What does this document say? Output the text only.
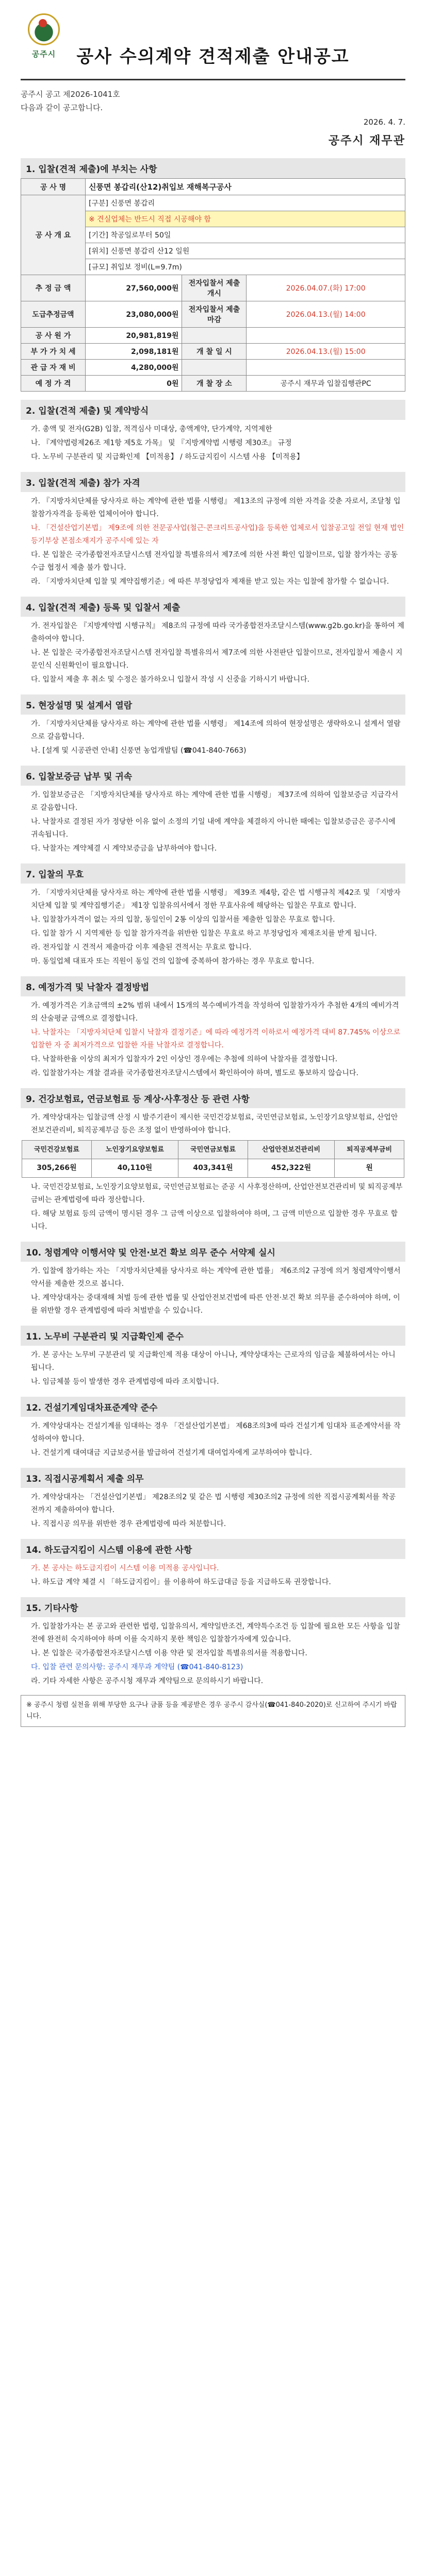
공주시	공사 수의계약 견적제출 안내공고
공주시 공고 제2026-1041호
다음과 같이 공고합니다.
2026. 4. 7.
공주시 재무관
1. 입찰(견적 제출)에 부치는 사항
공 사 명	신풍면 봉갑리(산12)취입보 재해복구공사
공 사 개 요	[구분] 신풍면 봉갑리
	※ 견실업체는 반드시 직접 시공해야 함
	[기간] 착공일로부터 50일
	[위치] 신풍면 봉갑리 산12 일원
	[규모] 취입보 정비(L=9.7m)
추 정 금 액	27,560,000원	전자입찰서 제출 개시	2026.04.07.(화) 17:00
도급추정금액	23,080,000원	전자입찰서 제출 마감	2026.04.13.(월) 14:00
공 사 원 가	20,981,819원		
부 가 가 치 세	2,098,181원	개 찰 일 시	2026.04.13.(월) 15:00
관 급 자 재 비	4,280,000원		
예 정 가 격	0원	개 찰 장 소	공주시 재무과 입찰집행관PC
2. 입찰(견적 제출) 및 계약방식

가. 총액 및 전자(G2B) 입찰, 적격심사 미대상, 총액계약, 단가계약, 지역제한

나. 『계약법령제26조 제1항 제5호 가목』 및 『지방계약법 시행령 제30조』 규정

다. 노무비 구분관리 및 지급확인제 【미적용】 / 하도급지킴이 시스템 사용 【미적용】

3. 입찰(견적 제출) 참가 자격

가. 『지방자치단체를 당사자로 하는 계약에 관한 법률 시행령』 제13조의 규정에 의한 자격을 갖춘 자로서, 조달청 입찰참가자격을 등록한 업체이어야 합니다.

나. 「건설산업기본법」 제9조에 의한 전문공사업(철근·콘크리트공사업)을 등록한 업체로서 입찰공고일 전일 현재 법인등기부상 본점소재지가 공주시에 있는 자

다. 본 입찰은 국가종합전자조달시스템 전자입찰 특별유의서 제7조에 의한 사전 확인 입찰이므로, 입찰 참가자는 공동수급 협정서 제출 불가 합니다.

라. 「지방자치단체 입찰 및 계약집행기준」에 따른 부정당업자 제재를 받고 있는 자는 입찰에 참가할 수 없습니다.

4. 입찰(견적 제출) 등록 및 입찰서 제출

가. 전자입찰은 『지방계약법 시행규칙』 제8조의 규정에 따라 국가종합전자조달시스템(www.g2b.go.kr)을 통하여 제출하여야 합니다.

나. 본 입찰은 국가종합전자조달시스템 전자입찰 특별유의서 제7조에 의한 사전판단 입찰이므로, 전자입찰서 제출시 지문인식 신원확인이 필요합니다.

다. 입찰서 제출 후 취소 및 수정은 불가하오니 입찰서 작성 시 신중을 기하시기 바랍니다.

5. 현장설명 및 설계서 열람

가. 「지방자치단체를 당사자로 하는 계약에 관한 법률 시행령」 제14조에 의하여 현장설명은 생략하오니 설계서 열람으로 갈음합니다.

나. [설계 및 시공관련 안내] 신풍면 농업개발팀 (☎041-840-7663)

6. 입찰보증금 납부 및 귀속

가. 입찰보증금은 「지방자치단체를 당사자로 하는 계약에 관한 법률 시행령」 제37조에 의하여 입찰보증금 지급각서로 갈음합니다.

나. 낙찰자로 결정된 자가 정당한 이유 없이 소정의 기일 내에 계약을 체결하지 아니한 때에는 입찰보증금은 공주시에 귀속됩니다.

다. 낙찰자는 계약체결 시 계약보증금을 납부하여야 합니다.

7. 입찰의 무효

가. 「지방자치단체를 당사자로 하는 계약에 관한 법률 시행령」 제39조 제4항, 같은 법 시행규칙 제42조 및 「지방자치단체 입찰 및 계약집행기준」 제1장 입찰유의서에서 정한 무효사유에 해당하는 입찰은 무효로 합니다.

나. 입찰참가자격이 없는 자의 입찰, 동일인이 2통 이상의 입찰서를 제출한 입찰은 무효로 합니다.

다. 입찰 참가 시 지역제한 등 입찰 참가자격을 위반한 입찰은 무효로 하고 부정당업자 제재조치를 받게 됩니다.

라. 전자입찰 시 견적서 제출마감 이후 제출된 견적서는 무효로 합니다.

마. 동일업체 대표자 또는 직원이 동일 건의 입찰에 중복하여 참가하는 경우 무효로 합니다.

8. 예정가격 및 낙찰자 결정방법

가. 예정가격은 기초금액의 ±2% 범위 내에서 15개의 복수예비가격을 작성하여 입찰참가자가 추첨한 4개의 예비가격의 산술평균 금액으로 결정합니다.

나. 낙찰자는 「지방자치단체 입찰시 낙찰자 결정기준」에 따라 예정가격 이하로서 예정가격 대비 87.745% 이상으로 입찰한 자 중 최저가격으로 입찰한 자를 낙찰자로 결정합니다.

다. 낙찰하한율 이상의 최저가 입찰자가 2인 이상인 경우에는 추첨에 의하여 낙찰자를 결정합니다.

라. 입찰참가자는 개찰 결과를 국가종합전자조달시스템에서 확인하여야 하며, 별도로 통보하지 않습니다.

9. 건강보험료, 연금보험료 등 계상·사후정산 등 관련 사항

가. 계약상대자는 입찰금액 산정 시 발주기관이 제시한 국민건강보험료, 국민연금보험료, 노인장기요양보험료, 산업안전보건관리비, 퇴직공제부금 등은 조정 없이 반영하여야 합니다.

국민건강보험료	노인장기요양보험료	국민연금보험료	산업안전보건관리비	퇴직공제부금비
305,266원	40,110원	403,341원	452,322원	원

나. 국민건강보험료, 노인장기요양보험료, 국민연금보험료는 준공 시 사후정산하며, 산업안전보건관리비 및 퇴직공제부금비는 관계법령에 따라 정산합니다.

다. 해당 보험료 등의 금액이 명시된 경우 그 금액 이상으로 입찰하여야 하며, 그 금액 미만으로 입찰한 경우 무효로 합니다.

10. 청렴계약 이행서약 및 안전·보건 확보 의무 준수 서약제 실시

가. 입찰에 참가하는 자는 「지방자치단체를 당사자로 하는 계약에 관한 법률」 제6조의2 규정에 의거 청렴계약이행서약서를 제출한 것으로 봅니다.

나. 계약상대자는 중대재해 처벌 등에 관한 법률 및 산업안전보건법에 따른 안전·보건 확보 의무를 준수하여야 하며, 이를 위반할 경우 관계법령에 따라 처벌받을 수 있습니다.

11. 노무비 구분관리 및 지급확인제 준수

가. 본 공사는 노무비 구분관리 및 지급확인제 적용 대상이 아니나, 계약상대자는 근로자의 임금을 체불하여서는 아니 됩니다.

나. 임금체불 등이 발생한 경우 관계법령에 따라 조치합니다.

12. 건설기계임대차표준계약 준수

가. 계약상대자는 건설기계를 임대하는 경우 「건설산업기본법」 제68조의3에 따라 건설기계 임대차 표준계약서를 작성하여야 합니다.

나. 건설기계 대여대금 지급보증서를 발급하여 건설기계 대여업자에게 교부하여야 합니다.

13. 직접시공계획서 제출 의무

가. 계약상대자는 「건설산업기본법」 제28조의2 및 같은 법 시행령 제30조의2 규정에 의한 직접시공계획서를 착공 전까지 제출하여야 합니다.

나. 직접시공 의무를 위반한 경우 관계법령에 따라 처분합니다.

14. 하도급지킴이 시스템 이용에 관한 사항

가. 본 공사는 하도급지킴이 시스템 이용 미적용 공사입니다.

나. 하도급 계약 체결 시 「하도급지킴이」를 이용하여 하도급대금 등을 지급하도록 권장합니다.

15. 기타사항

가. 입찰참가자는 본 공고와 관련한 법령, 입찰유의서, 계약일반조건, 계약특수조건 등 입찰에 필요한 모든 사항을 입찰 전에 완전히 숙지하여야 하며 이를 숙지하지 못한 책임은 입찰참가자에게 있습니다.

나. 본 입찰은 국가종합전자조달시스템 이용 약관 및 전자입찰 특별유의서를 적용합니다.

다. 입찰 관련 문의사항: 공주시 재무과 계약팀 (☎041-840-8123)

라. 기타 자세한 사항은 공주시청 재무과 계약팀으로 문의하시기 바랍니다.

※ 공주시 청렴 실천을 위해 부당한 요구나 금품 등을 제공받은 경우 공주시 감사실(☎041-840-2020)로 신고하여 주시기 바랍니다.
